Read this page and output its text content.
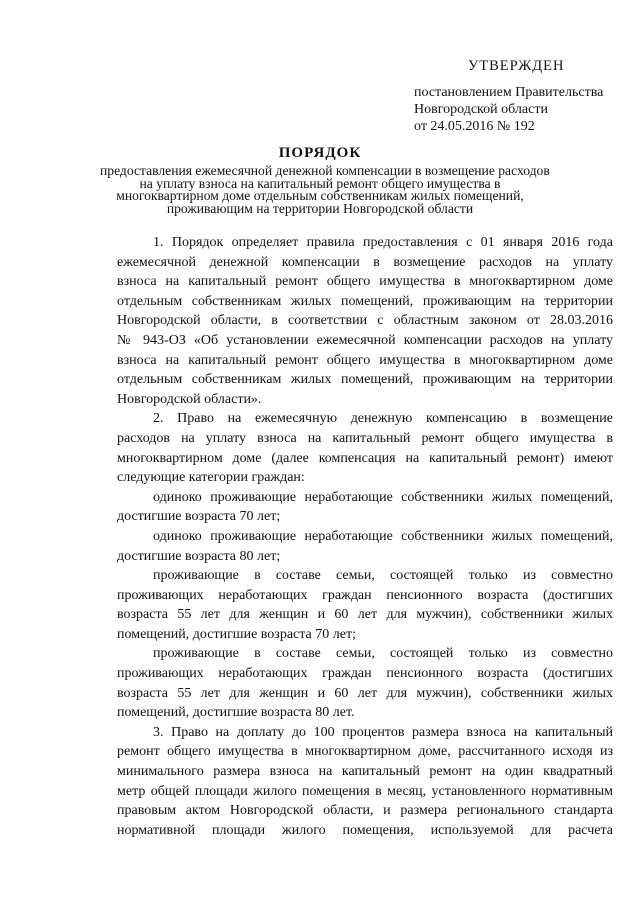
УТВЕРЖДЕН
постановлением Правительства
Новгородской области
от 24.05.2016 № 192
ПОРЯДОК
предоставления ежемесячной денежной компенсации в возмещение расходов
на уплату взноса на капитальный ремонт общего имущества в
многоквартирном доме отдельным собственникам жилых помещений,
проживающим на территории Новгородской области
1. Порядок определяет правила предоставления с 01 января 2016 года
ежемесячной денежной компенсации в возмещение расходов на уплату
взноса на капитальный ремонт общего имущества в многоквартирном доме
отдельным собственникам жилых помещений, проживающим на территории
Новгородской области, в соответствии с областным законом от 28.03.2016
№ 943-ОЗ «Об установлении ежемесячной компенсации расходов на уплату
взноса на капитальный ремонт общего имущества в многоквартирном доме
отдельным собственникам жилых помещений, проживающим на территории
Новгородской области».
2. Право на ежемесячную денежную компенсацию в возмещение
расходов на уплату взноса на капитальный ремонт общего имущества в
многоквартирном доме (далее компенсация на капитальный ремонт) имеют
следующие категории граждан:
одиноко проживающие неработающие собственники жилых помещений,
достигшие возраста 70 лет;
одиноко проживающие неработающие собственники жилых помещений,
достигшие возраста 80 лет;
проживающие в составе семьи, состоящей только из совместно
проживающих неработающих граждан пенсионного возраста (достигших
возраста 55 лет для женщин и 60 лет для мужчин), собственники жилых
помещений, достигшие возраста 70 лет;
проживающие в составе семьи, состоящей только из совместно
проживающих неработающих граждан пенсионного возраста (достигших
возраста 55 лет для женщин и 60 лет для мужчин), собственники жилых
помещений, достигшие возраста 80 лет.
3. Право на доплату до 100 процентов размера взноса на капитальный
ремонт общего имущества в многоквартирном доме, рассчитанного исходя из
минимального размера взноса на капитальный ремонт на один квадратный
метр общей площади жилого помещения в месяц, установленного нормативным
правовым актом Новгородской области, и размера регионального стандарта
нормативной площади жилого помещения, используемой для расчета
